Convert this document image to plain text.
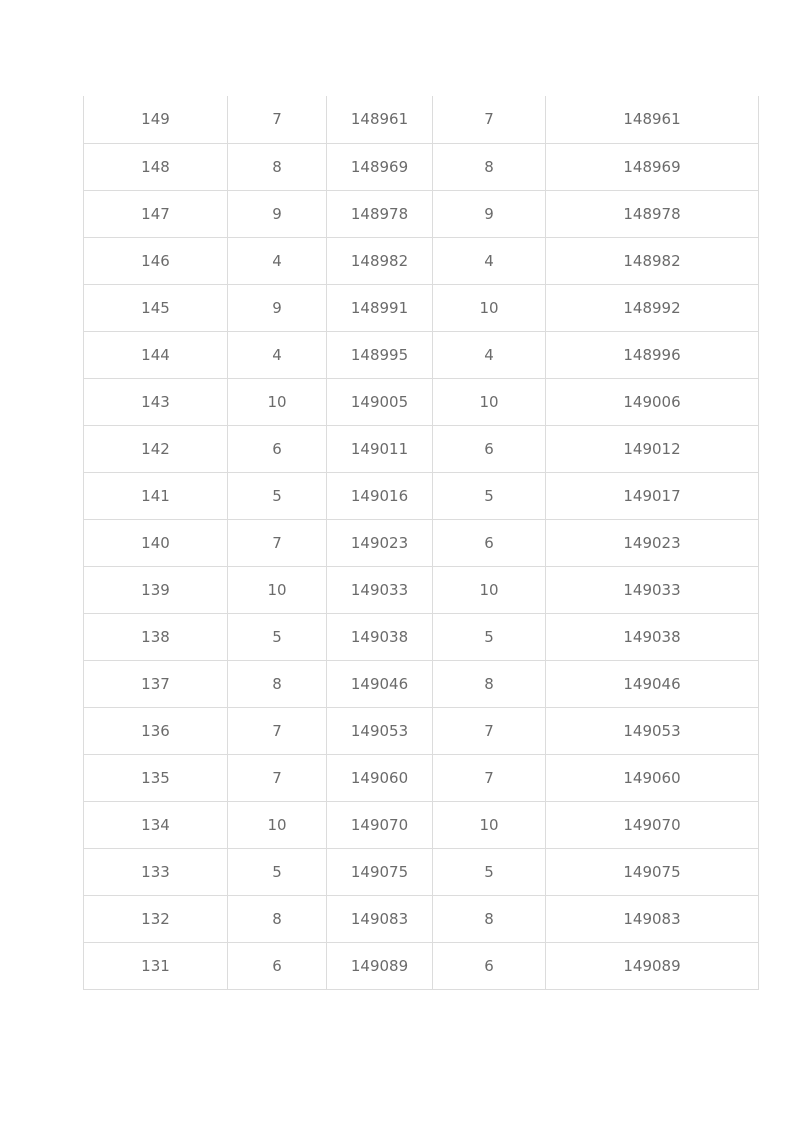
149	7	148961	7	148961
148	8	148969	8	148969
147	9	148978	9	148978
146	4	148982	4	148982
145	9	148991	10	148992
144	4	148995	4	148996
143	10	149005	10	149006
142	6	149011	6	149012
141	5	149016	5	149017
140	7	149023	6	149023
139	10	149033	10	149033
138	5	149038	5	149038
137	8	149046	8	149046
136	7	149053	7	149053
135	7	149060	7	149060
134	10	149070	10	149070
133	5	149075	5	149075
132	8	149083	8	149083
131	6	149089	6	149089
